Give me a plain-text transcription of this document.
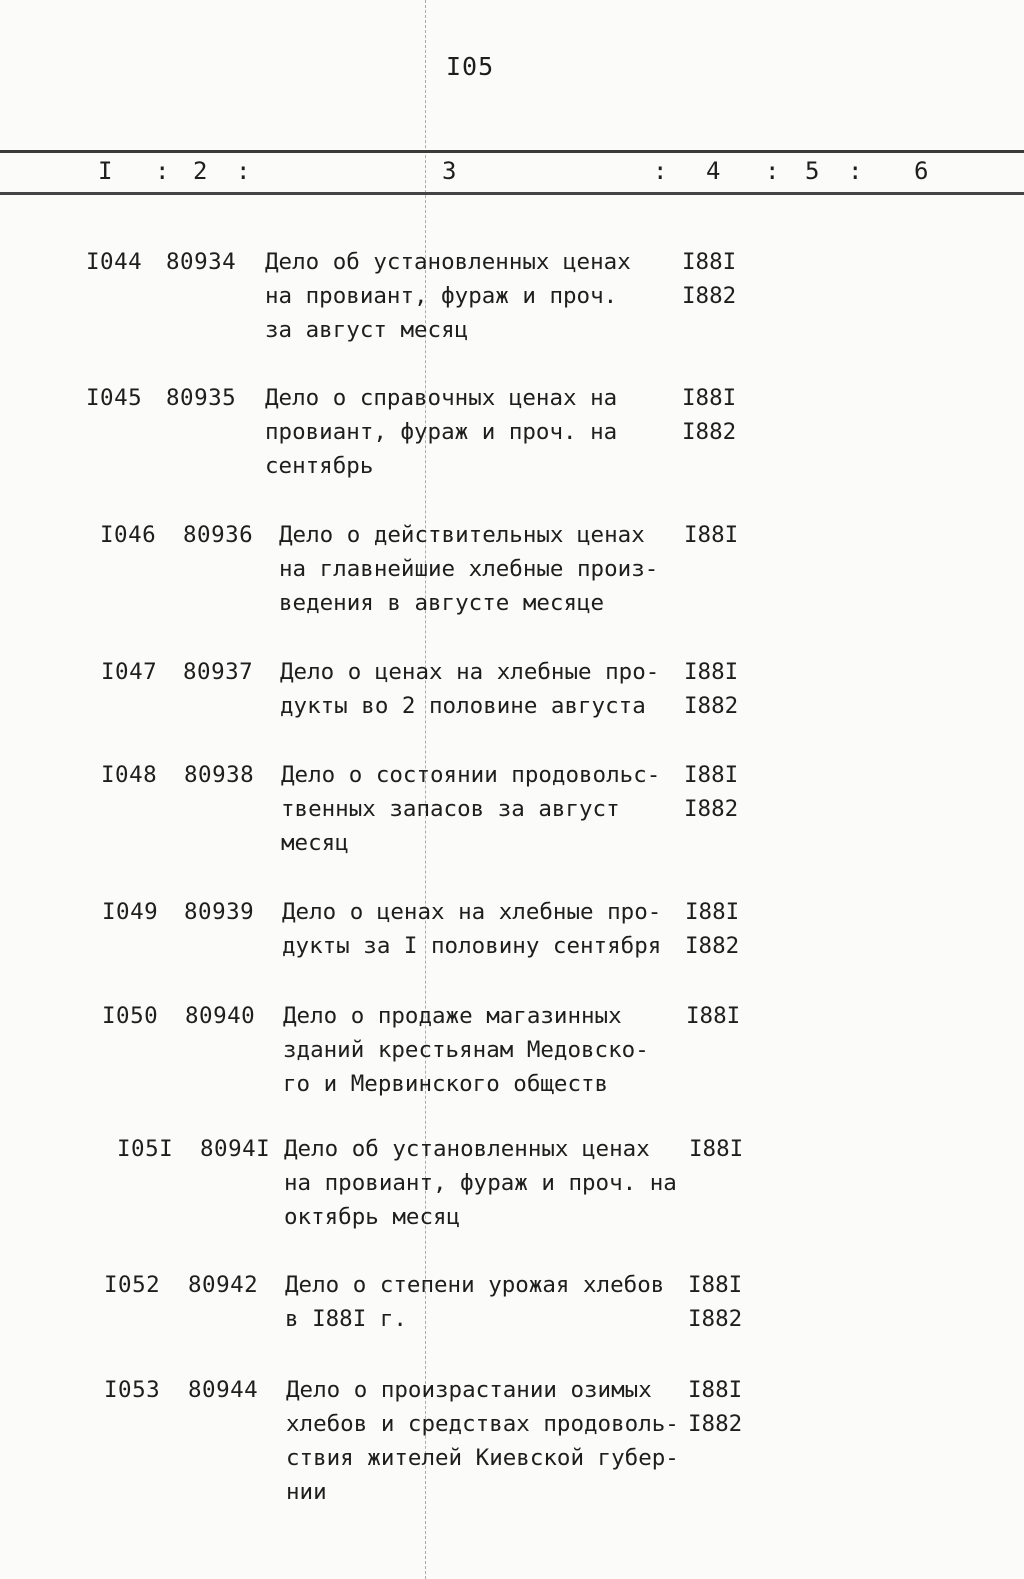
I05
I : 2 :	3	: 4 : 5 : 6
I044 80934 Дело об установленных ценах
на провиант, фураж и проч.
за август месяц
I88I
I882
I045 80935 Дело о справочных ценах на
провиант, фураж и проч. на
сентябрь
I88I
I882
I046 80936 Дело о действительных ценах
на главнейшие хлебные произ-
ведения в августе месяце
I88I
I047 80937 Дело о ценах на хлебные про-
дукты во 2 половине августа
I88I
I882
I048 80938 Дело о состоянии продовольс-
твенных запасов за август
месяц
I88I
I882
I049 80939 Дело о ценах на хлебные про-
дукты за I половину сентября
I88I
I882
I050 80940 Дело о продаже магазинных
зданий крестьянам Медовско-
го и Мервинского обществ
I88I
I05I 8094I Дело об установленных ценах
на провиант, фураж и проч. на
октябрь месяц
I88I
I052 80942 Дело о степени урожая хлебов
в I88I г.
I88I
I882
I053 80944 Дело о произрастании озимых
хлебов и средствах продоволь-
ствия жителей Киевской губер-
нии
I88I
I882
